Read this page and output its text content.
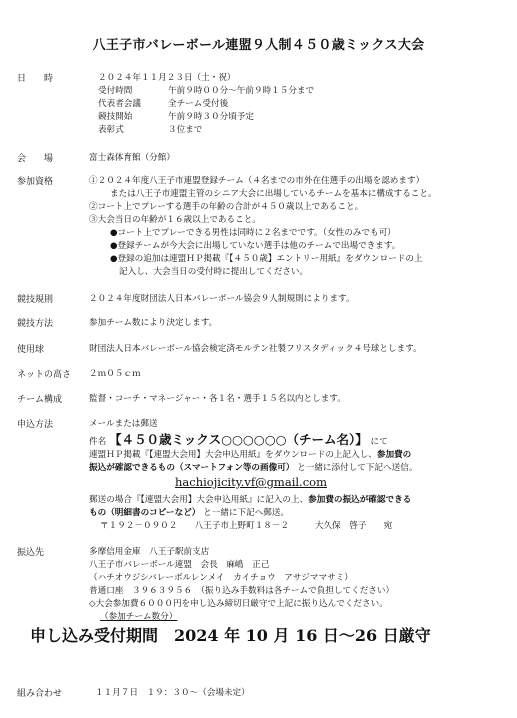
八王子市バレーボール連盟９人制４５０歳ミックス大会
日　　時	２０２４年１１月２３日（土・祝）
受付時間	午前９時００分～午前９時１５分まで
代表者会議	全チーム受付後
競技開始	午前９時３０分頃予定
表彰式	３位まで
会　　場	富士森体育館（分館）
参加資格	①２０２４年度八王子市連盟登録チーム（４名までの市外在住選手の出場を認めます）
または八王子市連盟主管のシニア大会に出場しているチームを基本に構成すること。
②コート上でプレーする選手の年齢の合計が４５０歳以上であること。
③大会当日の年齢が１６歳以上であること。
●コート上でプレーできる男性は同時に２名までです。（女性のみでも可）
●登録チームが今大会に出場していない選手は他のチームで出場できます。
●登録の追加は連盟ＨＰ掲載『【４５０歳】エントリー用紙』をダウンロードの上
記入し、大会当日の受付時に提出してください。
競技規則	２０２４年度財団法人日本バレーボール協会９人制規則によります。
競技方法	参加チーム数により決定します。
使用球	財団法人日本バレーボール協会検定済モルテン社製フリスタディック４号球とします。
ネットの高さ ２ｍ０５ｃｍ
チーム構成	監督・コーチ・マネージャー・各１名・選手１５名以内とします。
申込方法	メールまたは郵送
件名 【４５０歳ミックス○○○○○○（チーム名）】 にて
連盟ＨＰ掲載『【連盟大会用】大会申込用紙』をダウンロードの上記入し、参加費の
振込が確認できるもの（スマートフォン等の画像可） と一緒に添付して下記へ送信。
hachiojicity.vf@gmail.com
郵送の場合『【連盟大会用】大会申込用紙』に記入の上、参加費の振込が確認できる
もの（明細書のコピーなど） と一緒に下記へ郵送。
〒１９２－０９０２　　八王子市上野町１８－２　　　大久保　啓子　　宛
振込先	多摩信用金庫　八王子駅前支店
八王子市バレーボール連盟　会長　麻嶋　正己
（ハチオウジシバレーボルレンメイ　カイチョウ　アサジママサミ）
普通口座　３９６３９５６　（振り込み手数料は各チームで負担してください）
◇大会参加費６０００円を申し込み締切日厳守で上記に振り込んでください。
（参加チーム数分）
申し込み受付期間　2024 年 10 月 16 日～26 日厳守
組み合わせ	１１月７日　１９：３０～（会場未定）
